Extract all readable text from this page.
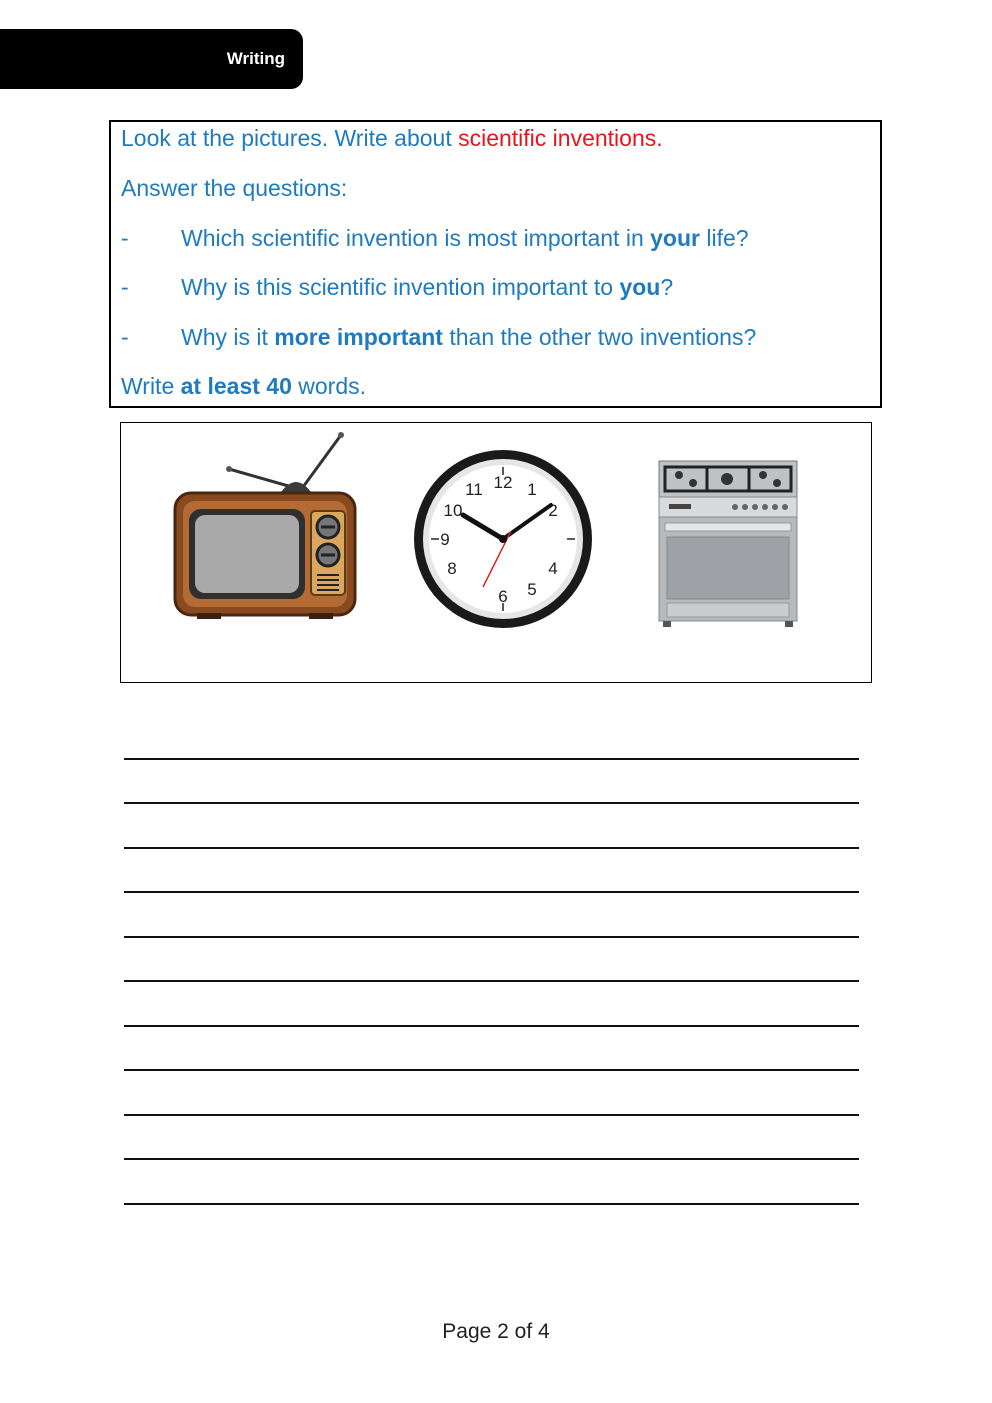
Writing
Look at the pictures. Write about scientific inventions.
Answer the questions:
- Which scientific invention is most important in your life?
- Why is this scientific invention important to you?
- Why is it more important than the other two inventions?
Write at least 40 words.
12 1
2
4
5
6
8
9
10
11
Page 2 of 4
